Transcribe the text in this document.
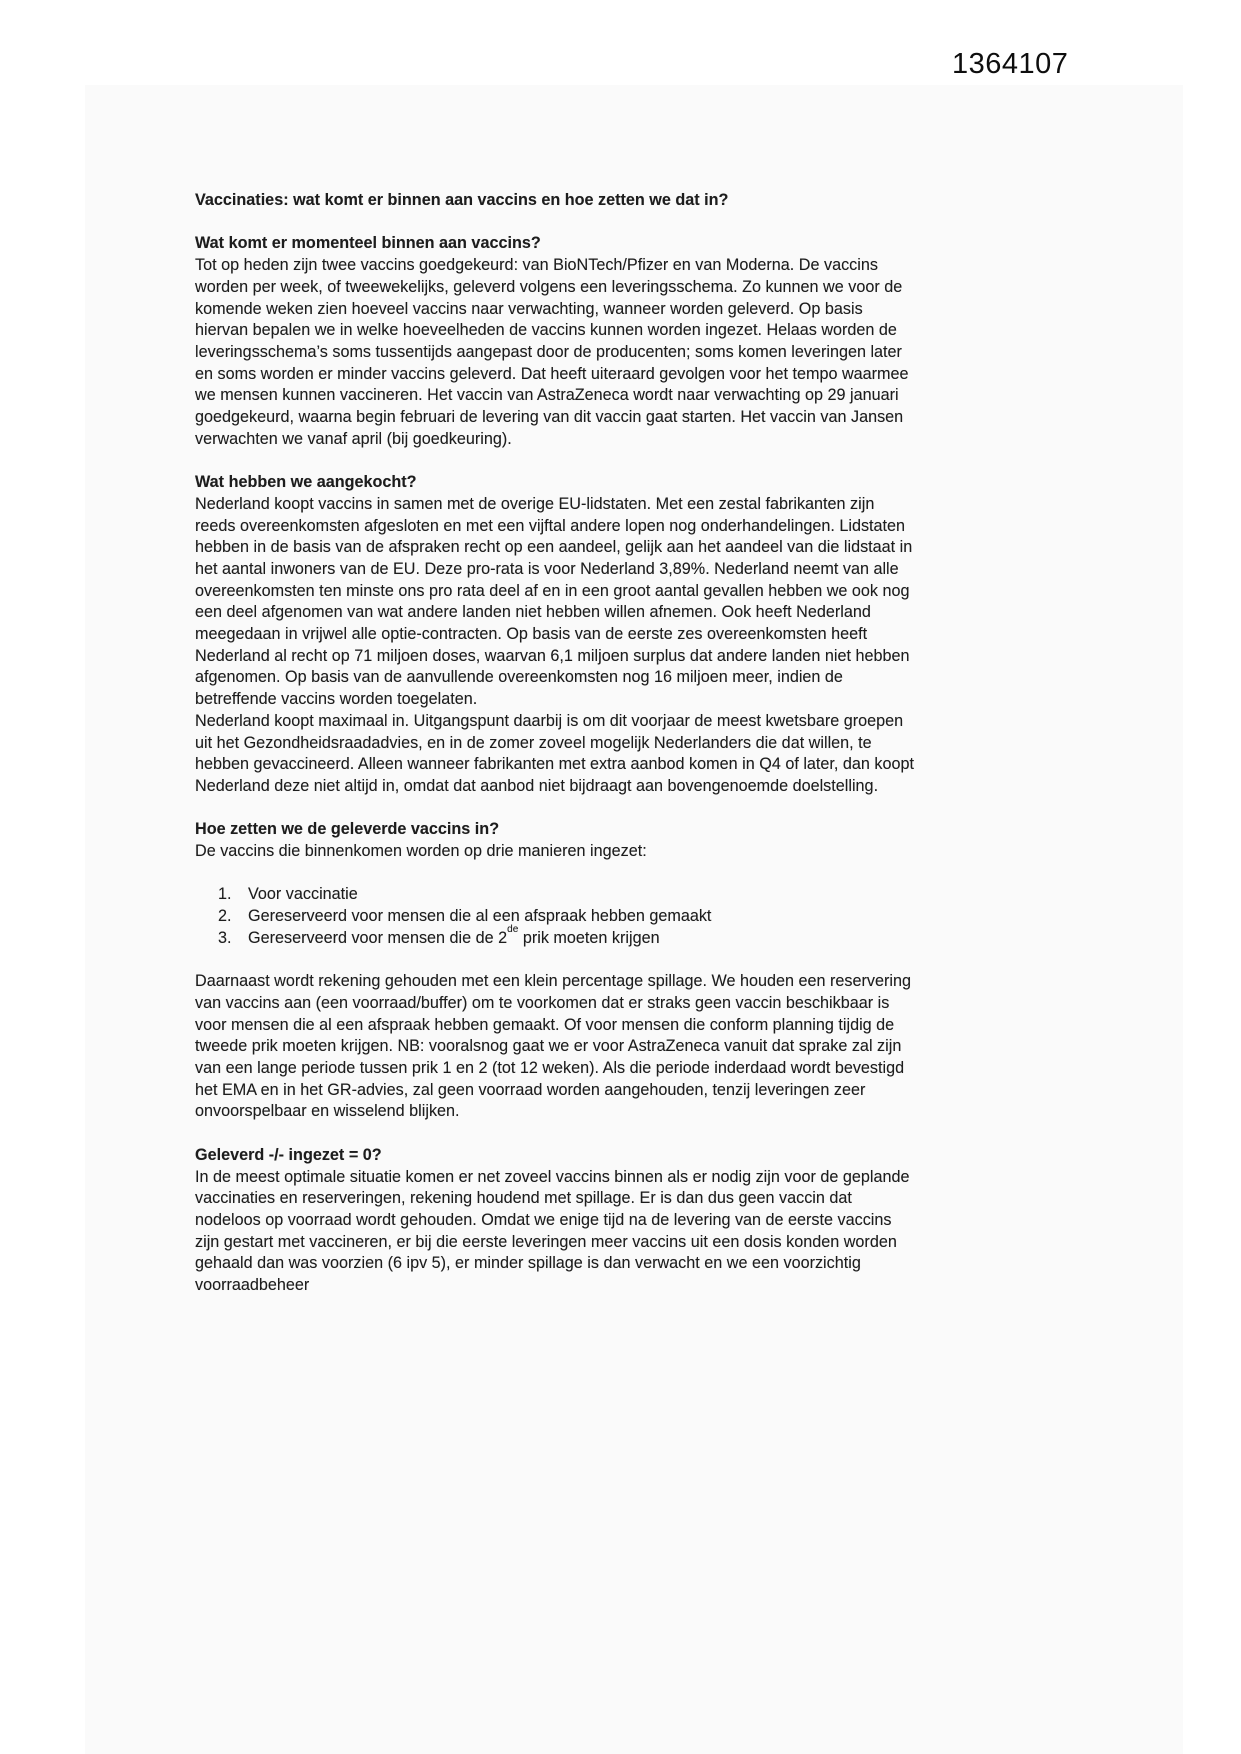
1364107

Vaccinaties: wat komt er binnen aan vaccins en hoe zetten we dat in?

Wat komt er momenteel binnen aan vaccins?

Tot op heden zijn twee vaccins goedgekeurd: van BioNTech/Pfizer en van Moderna. De vaccins worden per week, of tweewekelijks, geleverd volgens een leveringsschema. Zo kunnen we voor de komende weken zien hoeveel vaccins naar verwachting, wanneer worden geleverd. Op basis hiervan bepalen we in welke hoeveelheden de vaccins kunnen worden ingezet. Helaas worden de leveringsschema’s soms tussentijds aangepast door de producenten; soms komen leveringen later en soms worden er minder vaccins geleverd. Dat heeft uiteraard gevolgen voor het tempo waarmee we mensen kunnen vaccineren. Het vaccin van AstraZeneca wordt naar verwachting op 29 januari goedgekeurd, waarna begin februari de levering van dit vaccin gaat starten. Het vaccin van Jansen verwachten we vanaf april (bij goedkeuring).

Wat hebben we aangekocht?

Nederland koopt vaccins in samen met de overige EU-lidstaten. Met een zestal fabrikanten zijn reeds overeenkomsten afgesloten en met een vijftal andere lopen nog onderhandelingen. Lidstaten hebben in de basis van de afspraken recht op een aandeel, gelijk aan het aandeel van die lidstaat in het aantal inwoners van de EU. Deze pro-rata is voor Nederland 3,89%. Nederland neemt van alle overeenkomsten ten minste ons pro rata deel af en in een groot aantal gevallen hebben we ook nog een deel afgenomen van wat andere landen niet hebben willen afnemen. Ook heeft Nederland meegedaan in vrijwel alle optie-contracten. Op basis van de eerste zes overeenkomsten heeft Nederland al recht op 71 miljoen doses, waarvan 6,1 miljoen surplus dat andere landen niet hebben afgenomen. Op basis van de aanvullende overeenkomsten nog 16 miljoen meer, indien de betreffende vaccins worden toegelaten.

Nederland koopt maximaal in. Uitgangspunt daarbij is om dit voorjaar de meest kwetsbare groepen uit het Gezondheidsraadadvies, en in de zomer zoveel mogelijk Nederlanders die dat willen, te hebben gevaccineerd. Alleen wanneer fabrikanten met extra aanbod komen in Q4 of later, dan koopt Nederland deze niet altijd in, omdat dat aanbod niet bijdraagt aan bovengenoemde doelstelling.

Hoe zetten we de geleverde vaccins in?

De vaccins die binnenkomen worden op drie manieren ingezet:

1.	Voor vaccinatie
2.	Gereserveerd voor mensen die al een afspraak hebben gemaakt
3.	Gereserveerd voor mensen die de 2de prik moeten krijgen

Daarnaast wordt rekening gehouden met een klein percentage spillage. We houden een reservering van vaccins aan (een voorraad/buffer) om te voorkomen dat er straks geen vaccin beschikbaar is voor mensen die al een afspraak hebben gemaakt. Of voor mensen die conform planning tijdig de tweede prik moeten krijgen. NB: vooralsnog gaat we er voor AstraZeneca vanuit dat sprake zal zijn van een lange periode tussen prik 1 en 2 (tot 12 weken). Als die periode inderdaad wordt bevestigd het EMA en in het GR-advies, zal geen voorraad worden aangehouden, tenzij leveringen zeer onvoorspelbaar en wisselend blijken.

Geleverd -/- ingezet = 0?

In de meest optimale situatie komen er net zoveel vaccins binnen als er nodig zijn voor de geplande vaccinaties en reserveringen, rekening houdend met spillage. Er is dan dus geen vaccin dat nodeloos op voorraad wordt gehouden. Omdat we enige tijd na de levering van de eerste vaccins zijn gestart met vaccineren, er bij die eerste leveringen meer vaccins uit een dosis konden worden gehaald dan was voorzien (6 ipv 5), er minder spillage is dan verwacht en we een voorzichtig voorraadbeheer
